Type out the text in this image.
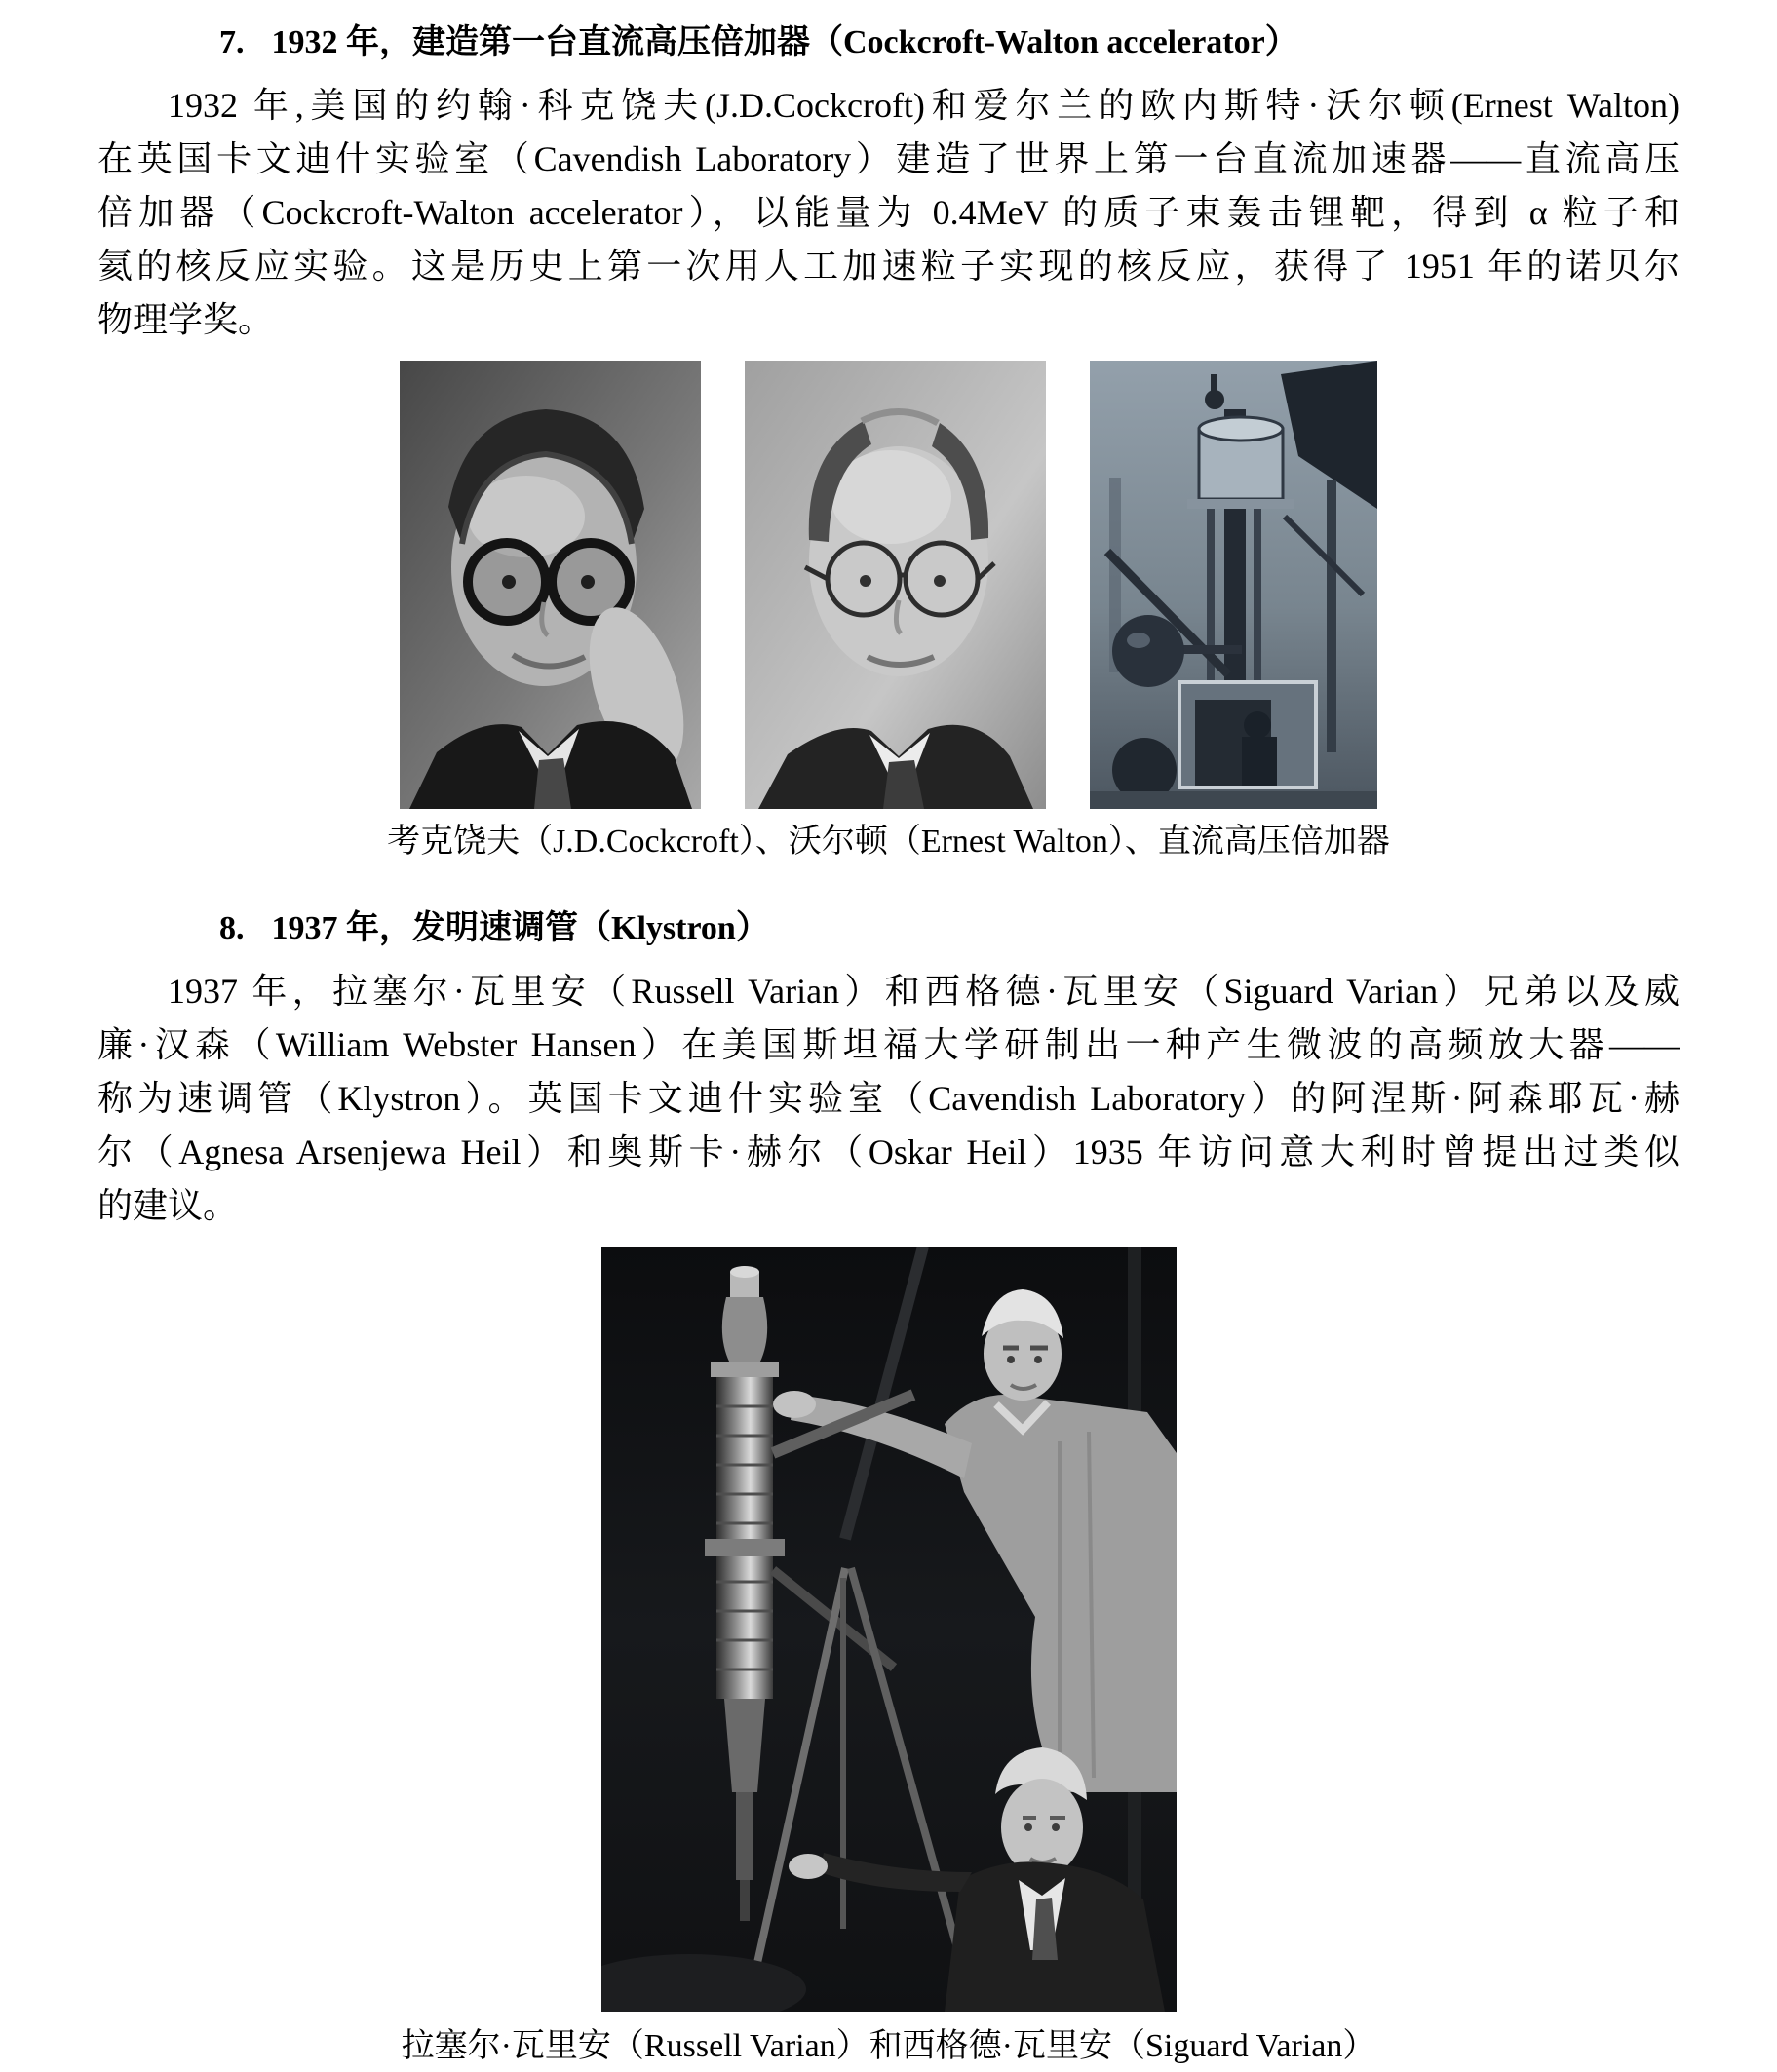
7. 1932 年，建造第一台直流高压倍加器（Cockcroft-Walton accelerator）
1932 年,美国的约翰·科克饶夫(J.D.Cockcroft)和爱尔兰的欧内斯特·沃尔顿(Ernest Walton)
在英国卡文迪什实验室（Cavendish Laboratory）建造了世界上第一台直流加速器——直流高压
倍加器（Cockcroft-Walton accelerator），以能量为 0.4MeV 的质子束轰击锂靶，得到 α 粒子和
氦的核反应实验。这是历史上第一次用人工加速粒子实现的核反应，获得了 1951 年的诺贝尔
物理学奖。
考克饶夫（J.D.Cockcroft）、沃尔顿（Ernest Walton）、直流高压倍加器
8. 1937 年，发明速调管（Klystron）
1937 年，拉塞尔·瓦里安（Russell Varian）和西格德·瓦里安（Siguard Varian）兄弟以及威
廉·汉森（William Webster Hansen）在美国斯坦福大学研制出一种产生微波的高频放大器——
称为速调管（Klystron）。英国卡文迪什实验室（Cavendish Laboratory）的阿涅斯·阿森耶瓦·赫
尔（Agnesa Arsenjewa Heil）和奥斯卡·赫尔（Oskar Heil）1935 年访问意大利时曾提出过类似
的建议。
拉塞尔·瓦里安（Russell Varian）和西格德·瓦里安（Siguard Varian）
